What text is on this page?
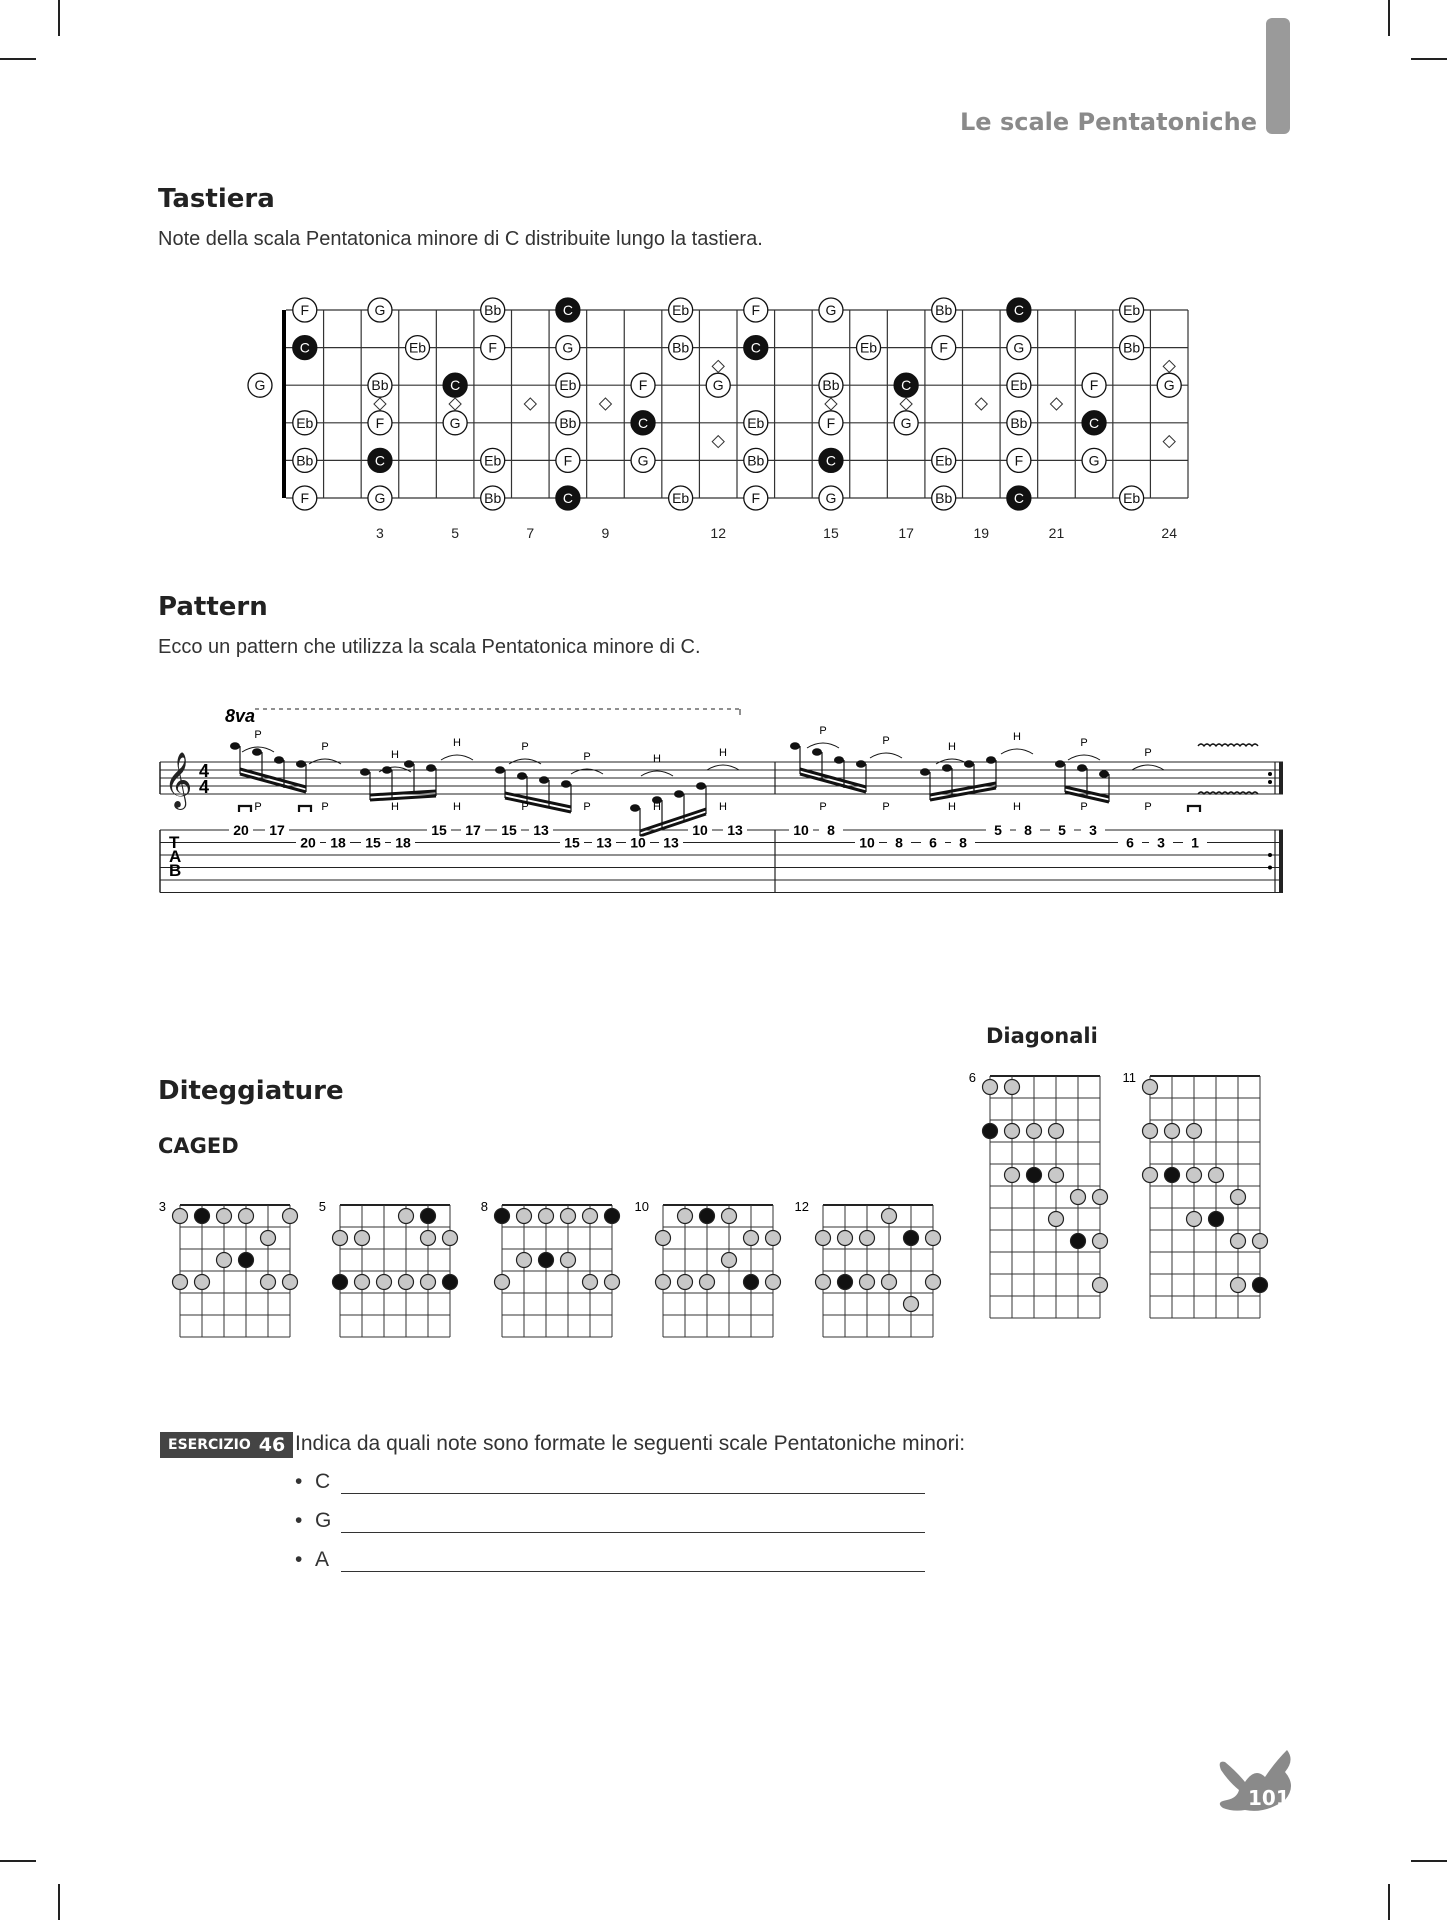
Le scale Pentatoniche
Tastiera
Note della scala Pentatonica minore di C distribuite lungo la tastiera.
F	G	Bb	C	Eb	F	G	Bb	C	Eb
C	Eb	F	G	Bb	C	Eb	F	G	Bb
Bb	C	Eb	F	G	Bb	C	Eb	F	G
Eb	F	G	Bb	C	Eb	F	G	Bb	C
Bb	C	Eb	F	G	Bb	C	Eb	F	G
F	G	Bb	C	Eb	F	G	Bb	C	Eb
G
3	5	7	9	12	15	17	19	21	24
Pattern
Ecco un pattern che utilizza la scala Pentatonica minore di C.
𝄞 4
4
8va
P
P
H
H	P
P	H	H
P
P	H
H	P
P
T
A
B
20 17
20 18 15 18
15 17 15 13
15 13 10 13
10 13	10 8
10 8 6 8
5 8 5 3
6 3 1
P	P	H	H	P	P	H	H	P	P	H	H	P	P
Diagonali
Diteggiature
CAGED
3	5	8	10	12
6	11
ESERCIZIO 46 Indica da quali note sono formate le seguenti scale Pentatoniche minori:
• C
• G
• A
101
